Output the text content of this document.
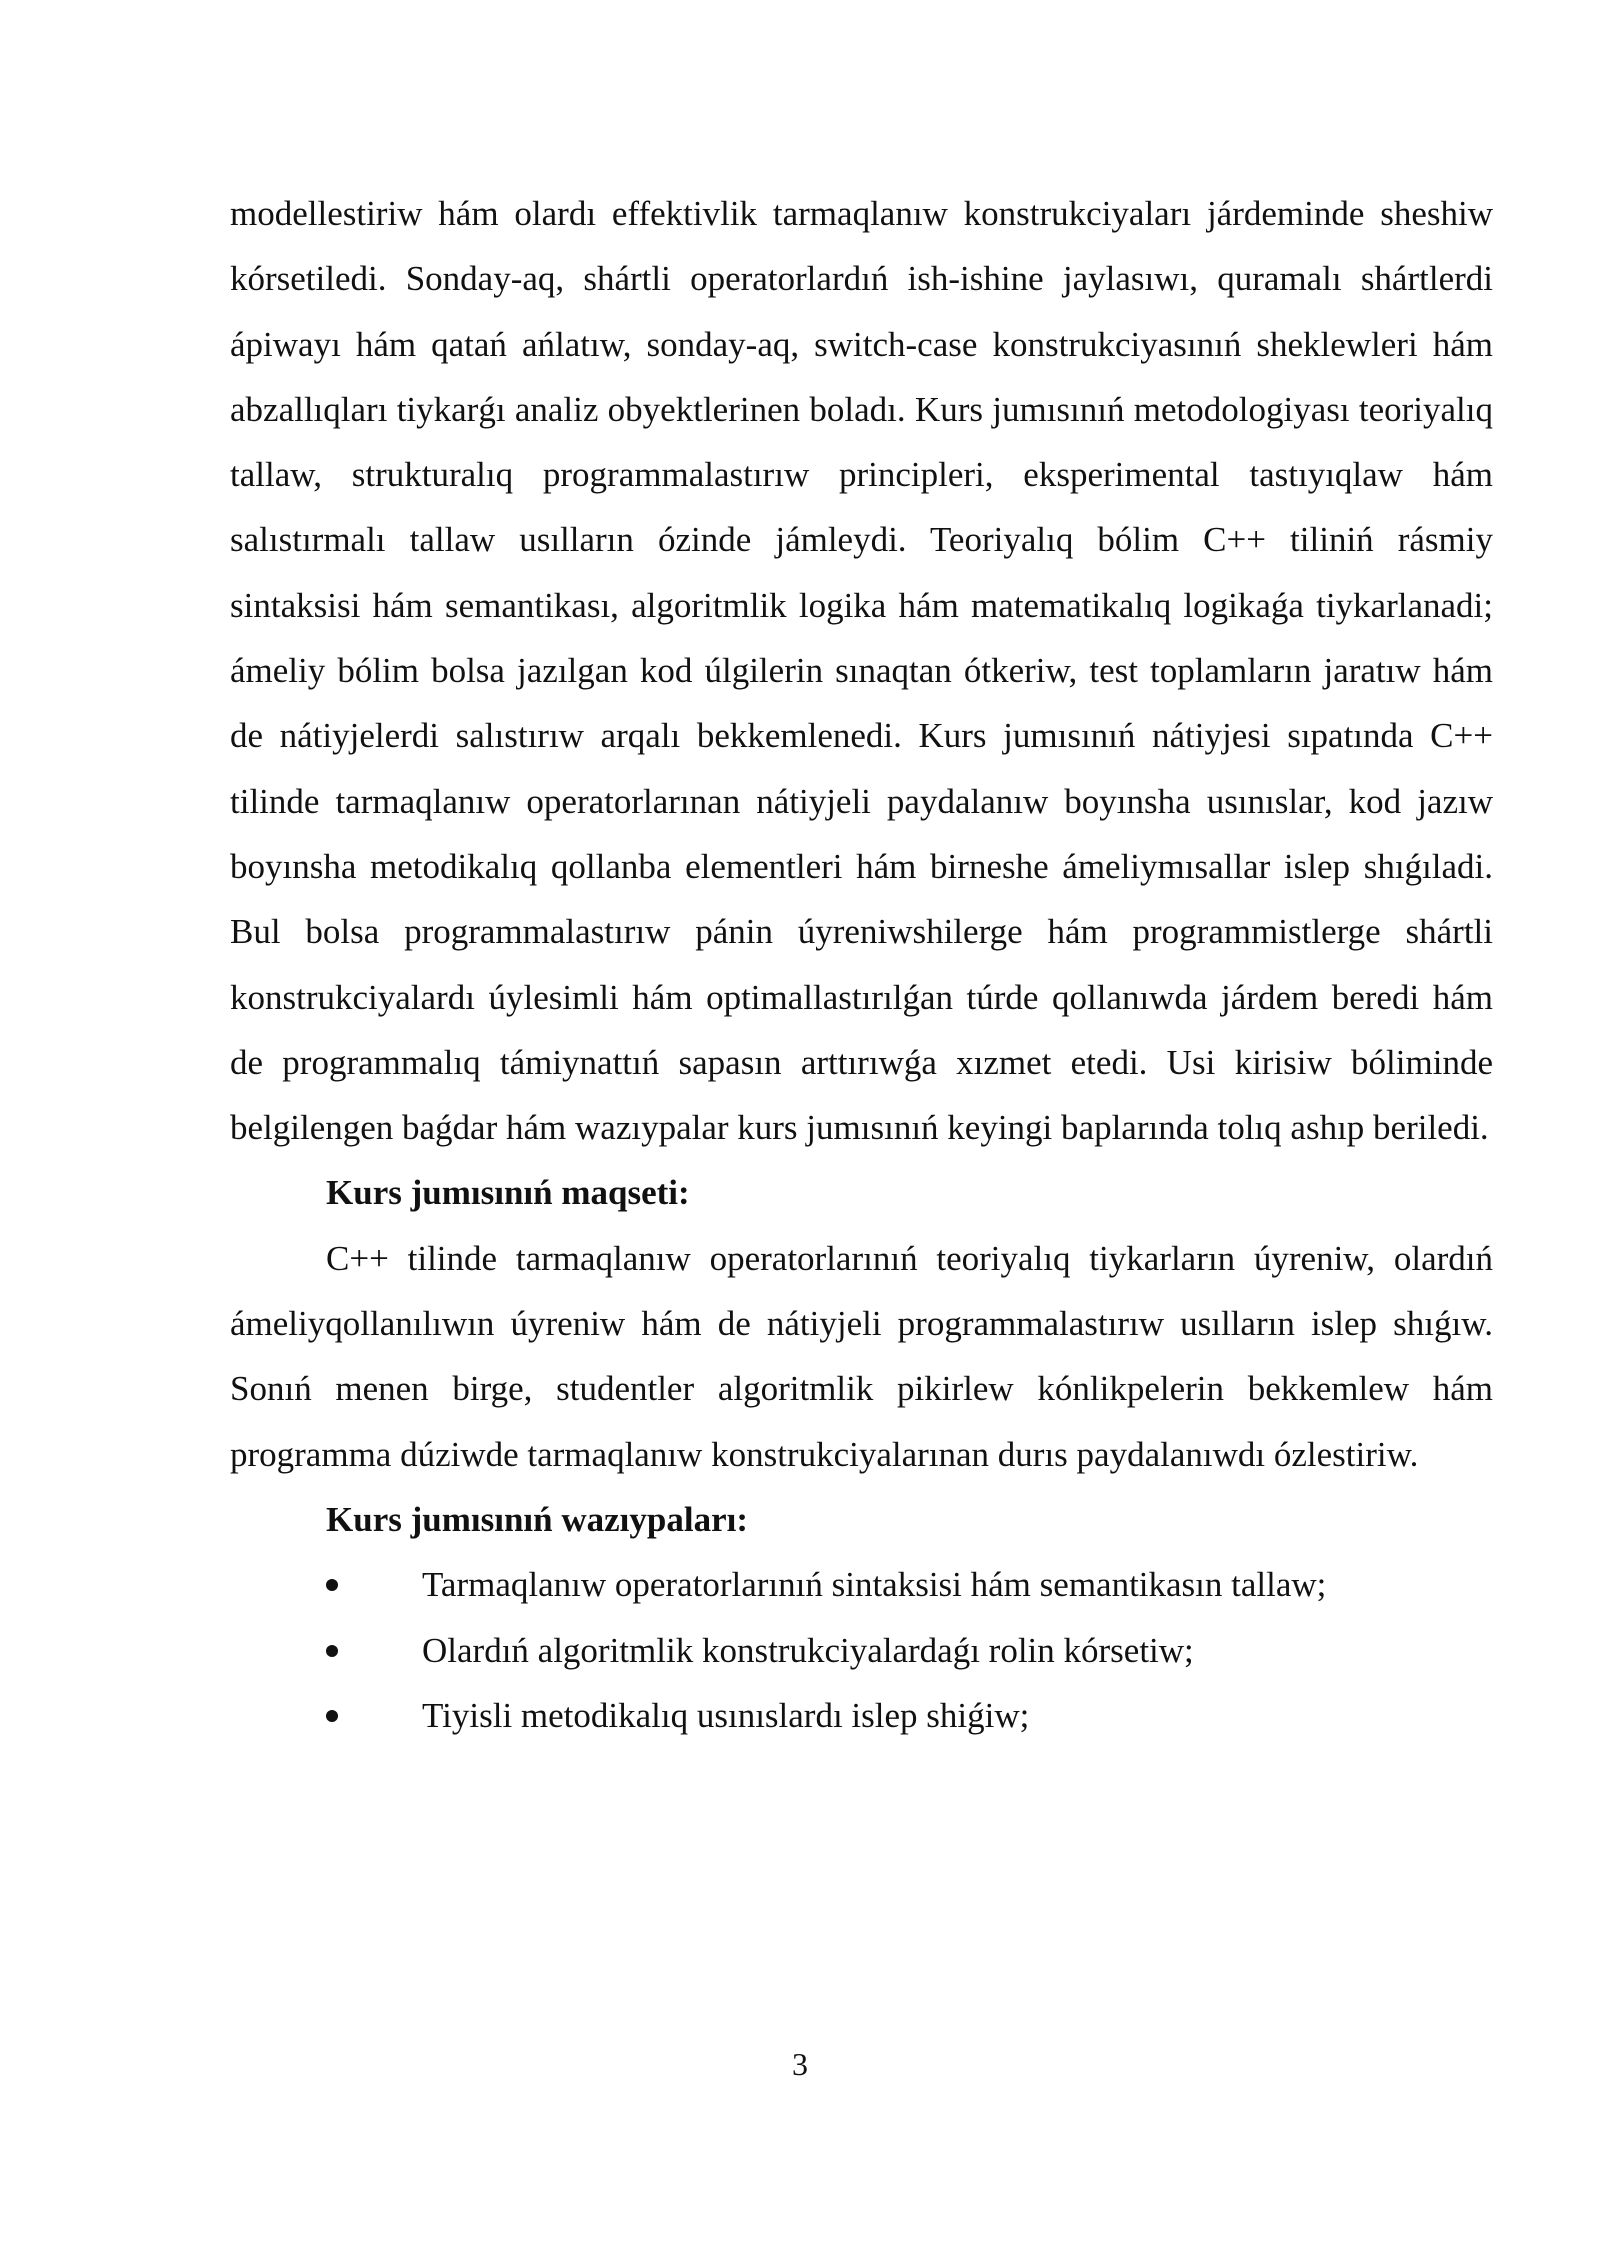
modellestiriw hám olardı effektivlik tarmaqlanıw konstrukciyaları járdeminde sheshiw kórsetiledi. Sonday-aq, shártli operatorlardıń ish-ishine jaylasıwı, quramalı shártlerdi ápiwayı hám qatań ańlatıw, sonday-aq, switch-case konstrukciyasınıń sheklewleri hám abzallıqları tiykarǵı analiz obyektlerinen boladı. Kurs jumısınıń metodologiyası teoriyalıq tallaw, strukturalıq programmalastırıw principleri, eksperimental tastıyıqlaw hám salıstırmalı tallaw usılların ózinde jámleydi. Teoriyalıq bólim C++ tiliniń rásmiy sintaksisi hám semantikası, algoritmlik logika hám matematikalıq logikaǵa tiykarlanadi; ámeliy bólim bolsa jazılgan kod úlgilerin sınaqtan ótkeriw, test toplamların jaratıw hám de nátiyjelerdi salıstırıw arqalı bekkemlenedi. Kurs jumısınıń nátiyjesi sıpatında C++ tilinde tarmaqlanıw operatorlarınan nátiyjeli paydalanıw boyınsha usınıslar, kod jazıw boyınsha metodikalıq qollanba elementleri hám birneshe ámeliymısallar islep shıǵıladi. Bul bolsa programmalastırıw pánin úyreniwshilerge hám programmistlerge shártli konstrukciyalardı úylesimli hám optimallastırılǵan túrde qollanıwda járdem beredi hám de programmalıq támiynattıń sapasın arttırıwǵa xızmet etedi. Usi kirisiw bóliminde belgilengen baǵdar hám wazıypalar kurs jumısınıń keyingi baplarında tolıq ashıp beriledi.

Kurs jumısınıń maqseti:

C++ tilinde tarmaqlanıw operatorlarınıń teoriyalıq tiykarların úyreniw, olardıń ámeliyqollanılıwın úyreniw hám de nátiyjeli programmalastırıw usılların islep shıǵıw. Sonıń menen birge, studentler algoritmlik pikirlew kónlikpelerin bekkemlew hám programma dúziwde tarmaqlanıw konstrukciyalarınan durıs paydalanıwdı ózlestiriw.

Kurs jumısınıń wazıypaları:

Tarmaqlanıw operatorlarınıń sintaksisi hám semantikasın tallaw;
Olardıń algoritmlik konstrukciyalardaǵı rolin kórsetiw;
Tiyisli metodikalıq usınıslardı islep shiǵiw;
3
